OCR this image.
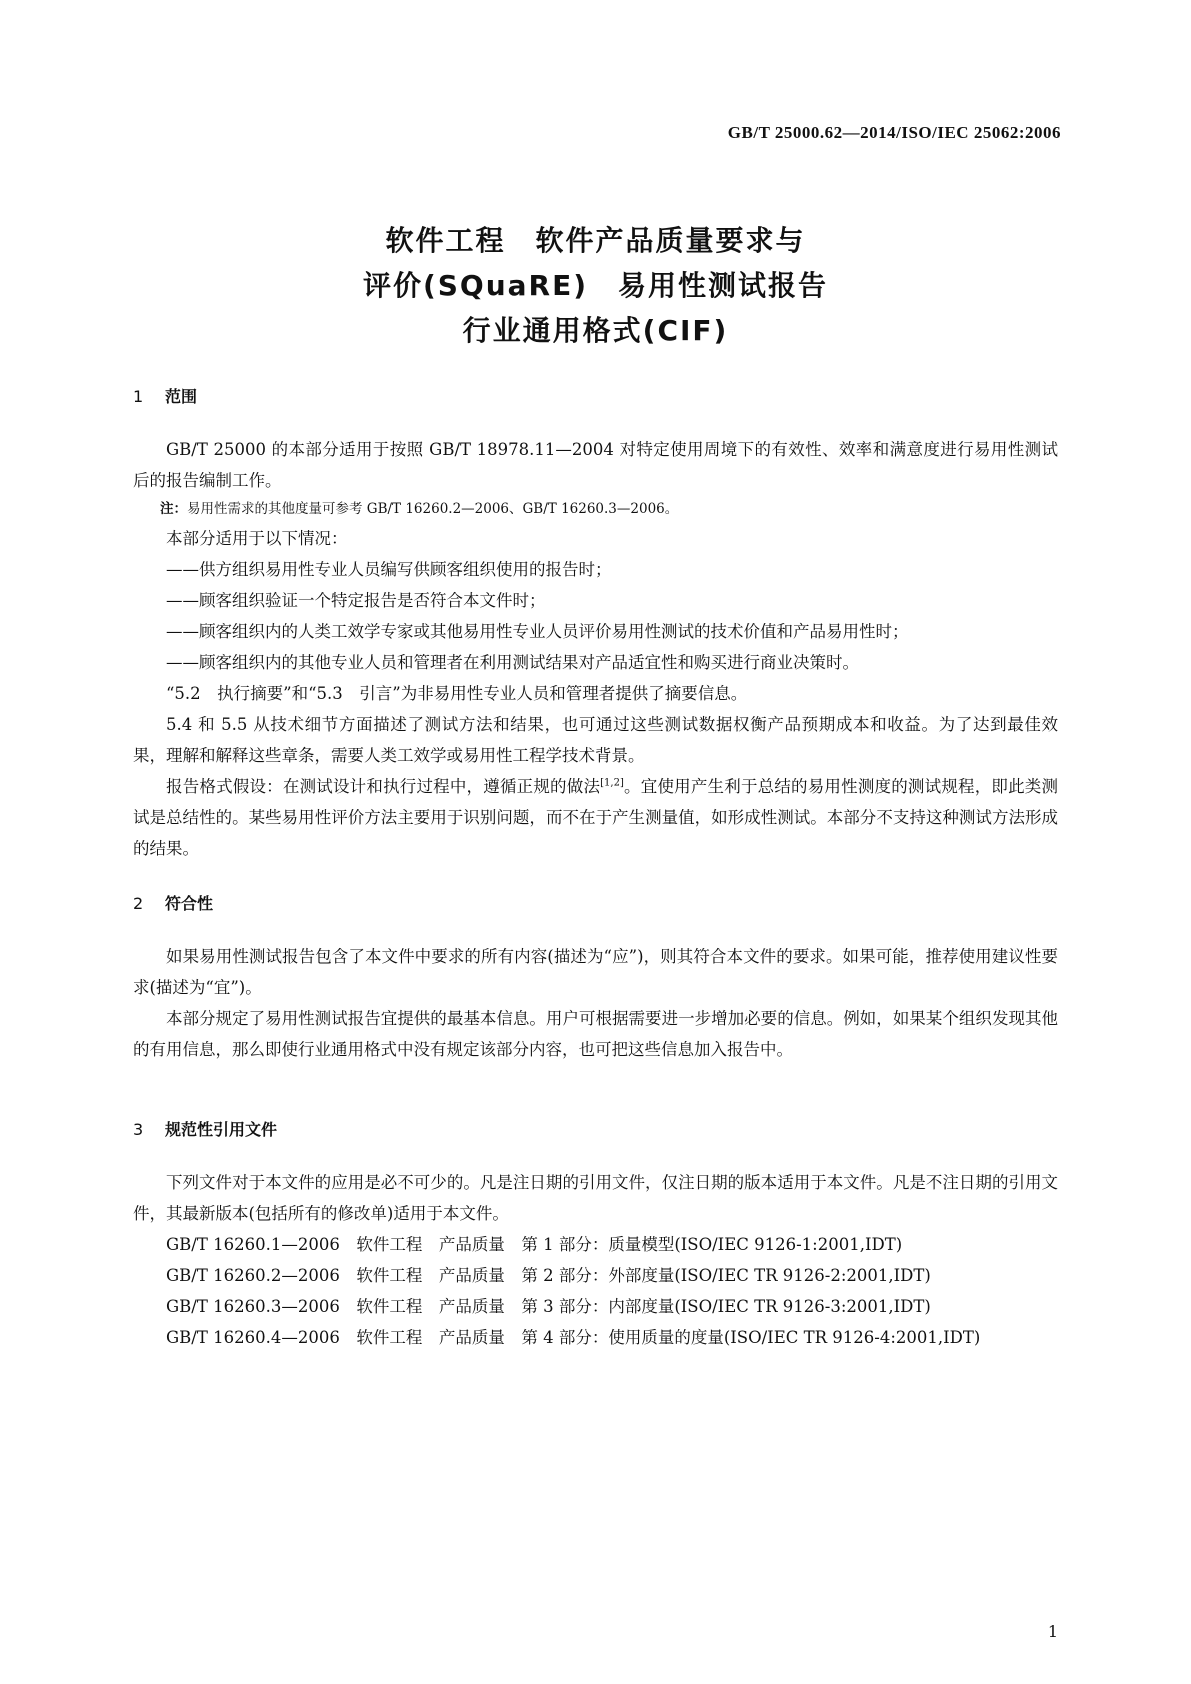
GB/T 25000.62—2014/ISO/IEC 25062:2006
软件工程　软件产品质量要求与
评价(SQuaRE)　易用性测试报告
行业通用格式(CIF)
1 范围

GB/T 25000 的本部分适用于按照 GB/T 18978.11—2004 对特定使用周境下的有效性、效率和满意度进行易用性测试后的报告编制工作。

注：易用性需求的其他度量可参考 GB/T 16260.2—2006、GB/T 16260.3—2006。

本部分适用于以下情况：

——供方组织易用性专业人员编写供顾客组织使用的报告时；

——顾客组织验证一个特定报告是否符合本文件时；

——顾客组织内的人类工效学专家或其他易用性专业人员评价易用性测试的技术价值和产品易用性时；

——顾客组织内的其他专业人员和管理者在利用测试结果对产品适宜性和购买进行商业决策时。

“5.2　执行摘要”和“5.3　引言”为非易用性专业人员和管理者提供了摘要信息。

5.4 和 5.5 从技术细节方面描述了测试方法和结果，也可通过这些测试数据权衡产品预期成本和收益。为了达到最佳效果，理解和解释这些章条，需要人类工效学或易用性工程学技术背景。

报告格式假设：在测试设计和执行过程中，遵循正规的做法[1,2]。宜使用产生利于总结的易用性测度的测试规程，即此类测试是总结性的。某些易用性评价方法主要用于识别问题，而不在于产生测量值，如形成性测试。本部分不支持这种测试方法形成的结果。

2 符合性

如果易用性测试报告包含了本文件中要求的所有内容(描述为“应”)，则其符合本文件的要求。如果可能，推荐使用建议性要求(描述为“宜”)。

本部分规定了易用性测试报告宜提供的最基本信息。用户可根据需要进一步增加必要的信息。例如，如果某个组织发现其他的有用信息，那么即使行业通用格式中没有规定该部分内容，也可把这些信息加入报告中。

3 规范性引用文件

下列文件对于本文件的应用是必不可少的。凡是注日期的引用文件，仅注日期的版本适用于本文件。凡是不注日期的引用文件，其最新版本(包括所有的修改单)适用于本文件。

GB/T 16260.1—2006　软件工程　产品质量　第 1 部分：质量模型(ISO/IEC 9126-1:2001,IDT)

GB/T 16260.2—2006　软件工程　产品质量　第 2 部分：外部度量(ISO/IEC TR 9126-2:2001,IDT)

GB/T 16260.3—2006　软件工程　产品质量　第 3 部分：内部度量(ISO/IEC TR 9126-3:2001,IDT)

GB/T 16260.4—2006　软件工程　产品质量　第 4 部分：使用质量的度量(ISO/IEC TR 9126-4:2001,IDT)

1
